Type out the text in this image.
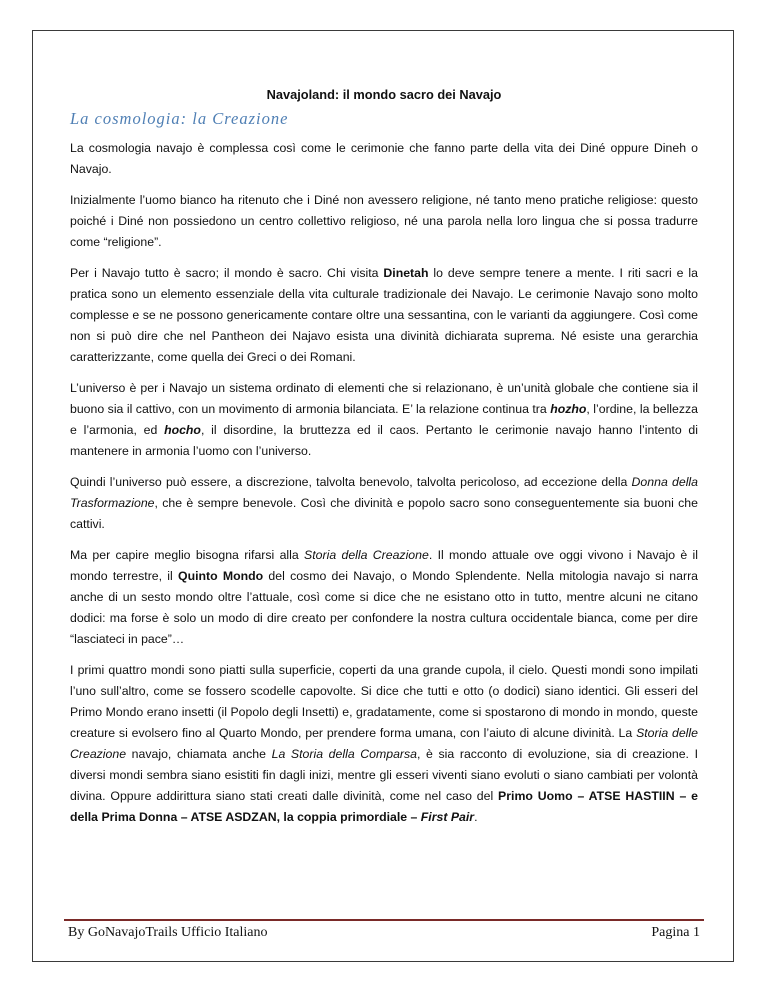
Navajoland: il mondo sacro dei Navajo
La cosmologia: la Creazione

La cosmologia navajo è complessa così come le cerimonie che fanno parte della vita dei Diné oppure Dineh o Navajo.

Inizialmente l’uomo bianco ha ritenuto che i Diné non avessero religione, né tanto meno pratiche religiose: questo poiché i Diné non possiedono un centro collettivo religioso, né una parola nella loro lingua che si possa tradurre come “religione”.

Per i Navajo tutto è sacro; il mondo è sacro. Chi visita Dinetah lo deve sempre tenere a mente. I riti sacri e la pratica sono un elemento essenziale della vita culturale tradizionale dei Navajo. Le cerimonie Navajo sono molto complesse e se ne possono genericamente contare oltre una sessantina, con le varianti da aggiungere. Così come non si può dire che nel Pantheon dei Najavo esista una divinità dichiarata suprema. Né esiste una gerarchia caratterizzante, come quella dei Greci o dei Romani.

L’universo è per i Navajo un sistema ordinato di elementi che si relazionano, è un’unità globale che contiene sia il buono sia il cattivo, con un movimento di armonia bilanciata. E’ la relazione continua tra hozho, l’ordine, la bellezza e l’armonia, ed hocho, il disordine, la bruttezza ed il caos. Pertanto le cerimonie navajo hanno l’intento di mantenere in armonia l’uomo con l’universo.

Quindi l’universo può essere, a discrezione, talvolta benevolo, talvolta pericoloso, ad eccezione della Donna della Trasformazione, che è sempre benevole. Così che divinità e popolo sacro sono conseguentemente sia buoni che cattivi.

Ma per capire meglio bisogna rifarsi alla Storia della Creazione. Il mondo attuale ove oggi vivono i Navajo è il mondo terrestre, il Quinto Mondo del cosmo dei Navajo, o Mondo Splendente. Nella mitologia navajo si narra anche di un sesto mondo oltre l’attuale, così come si dice che ne esistano otto in tutto, mentre alcuni ne citano dodici: ma forse è solo un modo di dire creato per confondere la nostra cultura occidentale bianca, come per dire “lasciateci in pace”…

I primi quattro mondi sono piatti sulla superficie, coperti da una grande cupola, il cielo. Questi mondi sono impilati l’uno sull’altro, come se fossero scodelle capovolte. Si dice che tutti e otto (o dodici) siano identici. Gli esseri del Primo Mondo erano insetti (il Popolo degli Insetti) e, gradatamente, come si spostarono di mondo in mondo, queste creature si evolsero fino al Quarto Mondo, per prendere forma umana, con l’aiuto di alcune divinità. La Storia delle Creazione navajo, chiamata anche La Storia della Comparsa, è sia racconto di evoluzione, sia di creazione. I diversi mondi sembra siano esistiti fin dagli inizi, mentre gli esseri viventi siano evoluti o siano cambiati per volontà divina. Oppure addirittura siano stati creati dalle divinità, come nel caso del Primo Uomo – ATSE HASTIIN – e della Prima Donna – ATSE ASDZAN, la coppia primordiale – First Pair.

By GoNavajoTrails Ufficio Italiano	Pagina 1
